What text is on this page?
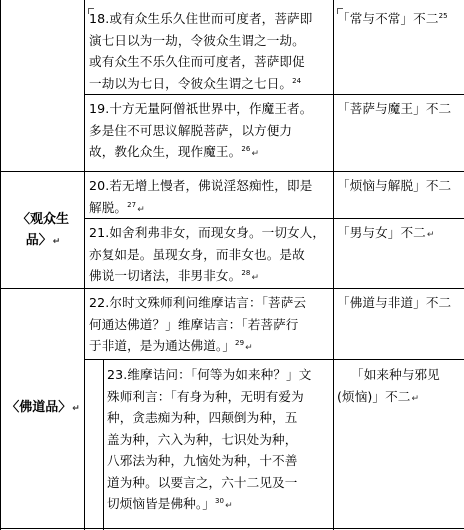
〈观众生
品〉↵
〈佛道品〉↵
18.或有众生乐久住世而可度者，菩萨即
演七日以为一劫，令彼众生谓之一劫。
或有众生不乐久住而可度者，菩萨即促
一劫以为七日，令彼众生谓之七日。$^{24}$
「常与不常」不二$^{25}$
19.十方无量阿僧祇世界中，作魔王者。
多是住不可思议解脱菩萨，以方便力
故，教化众生，现作魔王。$^{26}$↵
「菩萨与魔王」不二
20.若无增上慢者，佛说淫怒痴性，即是
解脱。$^{27}$↵
「烦恼与解脱」不二
21.如舍利弗非女，而现女身。一切女人，
亦复如是。虽现女身，而非女也。是故
佛说一切诸法，非男非女。$^{28}$↵
「男与女」不二↵
22.尔时文殊师利问维摩诘言：「菩萨云
何通达佛道？」维摩诘言：「若菩萨行
于非道，是为通达佛道。」$^{29}$↵
「佛道与非道」不二
23.维摩诘问：「何等为如来种？」文
殊师利言：「有身为种，无明有爱为
种，贪恚痴为种，四颠倒为种，五
盖为种，六入为种，七识处为种，
八邪法为种，九恼处为种，十不善
道为种。以要言之，六十二见及一
切烦恼皆是佛种。」$^{30}$↵
「如来种与邪见
(烦恼)」不二↵
